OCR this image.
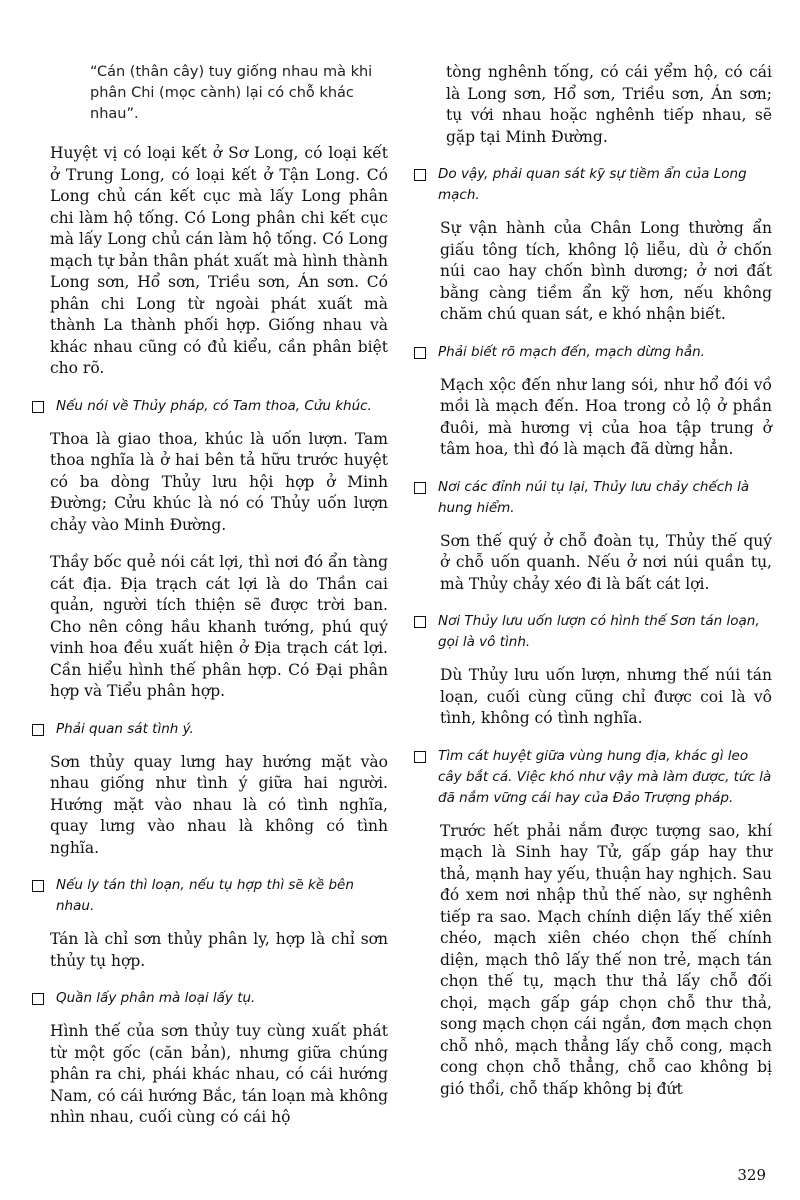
“Cán (thân cây) tuy giống nhau mà khi phân Chi (mọc cành) lại có chỗ khác nhau”.

Huyệt vị có loại kết ở Sơ Long, có loại kết ở Trung Long, có loại kết ở Tận Long. Có Long chủ cán kết cục mà lấy Long phân chi làm hộ tống. Có Long phân chi kết cục mà lấy Long chủ cán làm hộ tống. Có Long mạch tự bản thân phát xuất mà hình thành Long sơn, Hổ sơn, Triều sơn, Án sơn. Có phân chi Long từ ngoài phát xuất mà thành La thành phối hợp. Giống nhau và khác nhau cũng có đủ kiểu, cần phân biệt cho rõ.

Nếu nói về Thủy pháp, có Tam thoa, Cửu khúc.

Thoa là giao thoa, khúc là uốn lượn. Tam thoa nghĩa là ở hai bên tả hữu trước huyệt có ba dòng Thủy lưu hội hợp ở Minh Đường; Cửu khúc là nó có Thủy uốn lượn chảy vào Minh Đường.

Thầy bốc quẻ nói cát lợi, thì nơi đó ẩn tàng cát địa. Địa trạch cát lợi là do Thần cai quản, người tích thiện sẽ được trời ban. Cho nên công hầu khanh tướng, phú quý vinh hoa đều xuất hiện ở Địa trạch cát lợi. Cần hiểu hình thế phân hợp. Có Đại phân hợp và Tiểu phân hợp.

Phải quan sát tình ý.

Sơn thủy quay lưng hay hướng mặt vào nhau giống như tình ý giữa hai người. Hướng mặt vào nhau là có tình nghĩa, quay lưng vào nhau là không có tình nghĩa.

Nếu ly tán thì loạn, nếu tụ hợp thì sẽ kề bên nhau.

Tán là chỉ sơn thủy phân ly, hợp là chỉ sơn thủy tụ hợp.

Quần lấy phân mà loại lấy tụ.

Hình thế của sơn thủy tuy cùng xuất phát từ một gốc (căn bản), nhưng giữa chúng phân ra chi, phái khác nhau, có cái hướng Nam, có cái hướng Bắc, tán loạn mà không nhìn nhau, cuối cùng có cái hộ

tòng nghênh tống, có cái yểm hộ, có cái là Long sơn, Hổ sơn, Triều sơn, Án sơn; tụ với nhau hoặc nghênh tiếp nhau, sẽ gặp tại Minh Đường.

Do vậy, phải quan sát kỹ sự tiềm ẩn của Long mạch.

Sự vận hành của Chân Long thường ẩn giấu tông tích, không lộ liễu, dù ở chốn núi cao hay chốn bình dương; ở nơi đất bằng càng tiềm ẩn kỹ hơn, nếu không chăm chú quan sát, e khó nhận biết.

Phải biết rõ mạch đến, mạch dừng hẳn.

Mạch xộc đến như lang sói, như hổ đói vồ mồi là mạch đến. Hoa trong cỏ lộ ở phần đuôi, mà hương vị của hoa tập trung ở tâm hoa, thì đó là mạch đã dừng hẳn.

Nơi các đỉnh núi tụ lại, Thủy lưu chảy chếch là hung hiểm.

Sơn thế quý ở chỗ đoàn tụ, Thủy thế quý ở chỗ uốn quanh. Nếu ở nơi núi quần tụ, mà Thủy chảy xéo đi là bất cát lợi.

Nơi Thủy lưu uốn lượn có hình thế Sơn tán loạn, gọi là vô tình.

Dù Thủy lưu uốn lượn, nhưng thế núi tán loạn, cuối cùng cũng chỉ được coi là vô tình, không có tình nghĩa.

Tìm cát huyệt giữa vùng hung địa, khác gì leo cây bắt cá. Việc khó như vậy mà làm được, tức là đã nắm vững cái hay của Đảo Trượng pháp.

Trước hết phải nắm được tượng sao, khí mạch là Sinh hay Tử, gấp gáp hay thư thả, mạnh hay yếu, thuận hay nghịch. Sau đó xem nơi nhập thủ thế nào, sự nghênh tiếp ra sao. Mạch chính diện lấy thế xiên chéo, mạch xiên chéo chọn thế chính diện, mạch thô lấy thế non trẻ, mạch tán chọn thế tụ, mạch thư thả lấy chỗ đối chọi, mạch gấp gáp chọn chỗ thư thả, song mạch chọn cái ngắn, đơn mạch chọn chỗ nhô, mạch thẳng lấy chỗ cong, mạch cong chọn chỗ thẳng, chỗ cao không bị gió thổi, chỗ thấp không bị đứt

329
